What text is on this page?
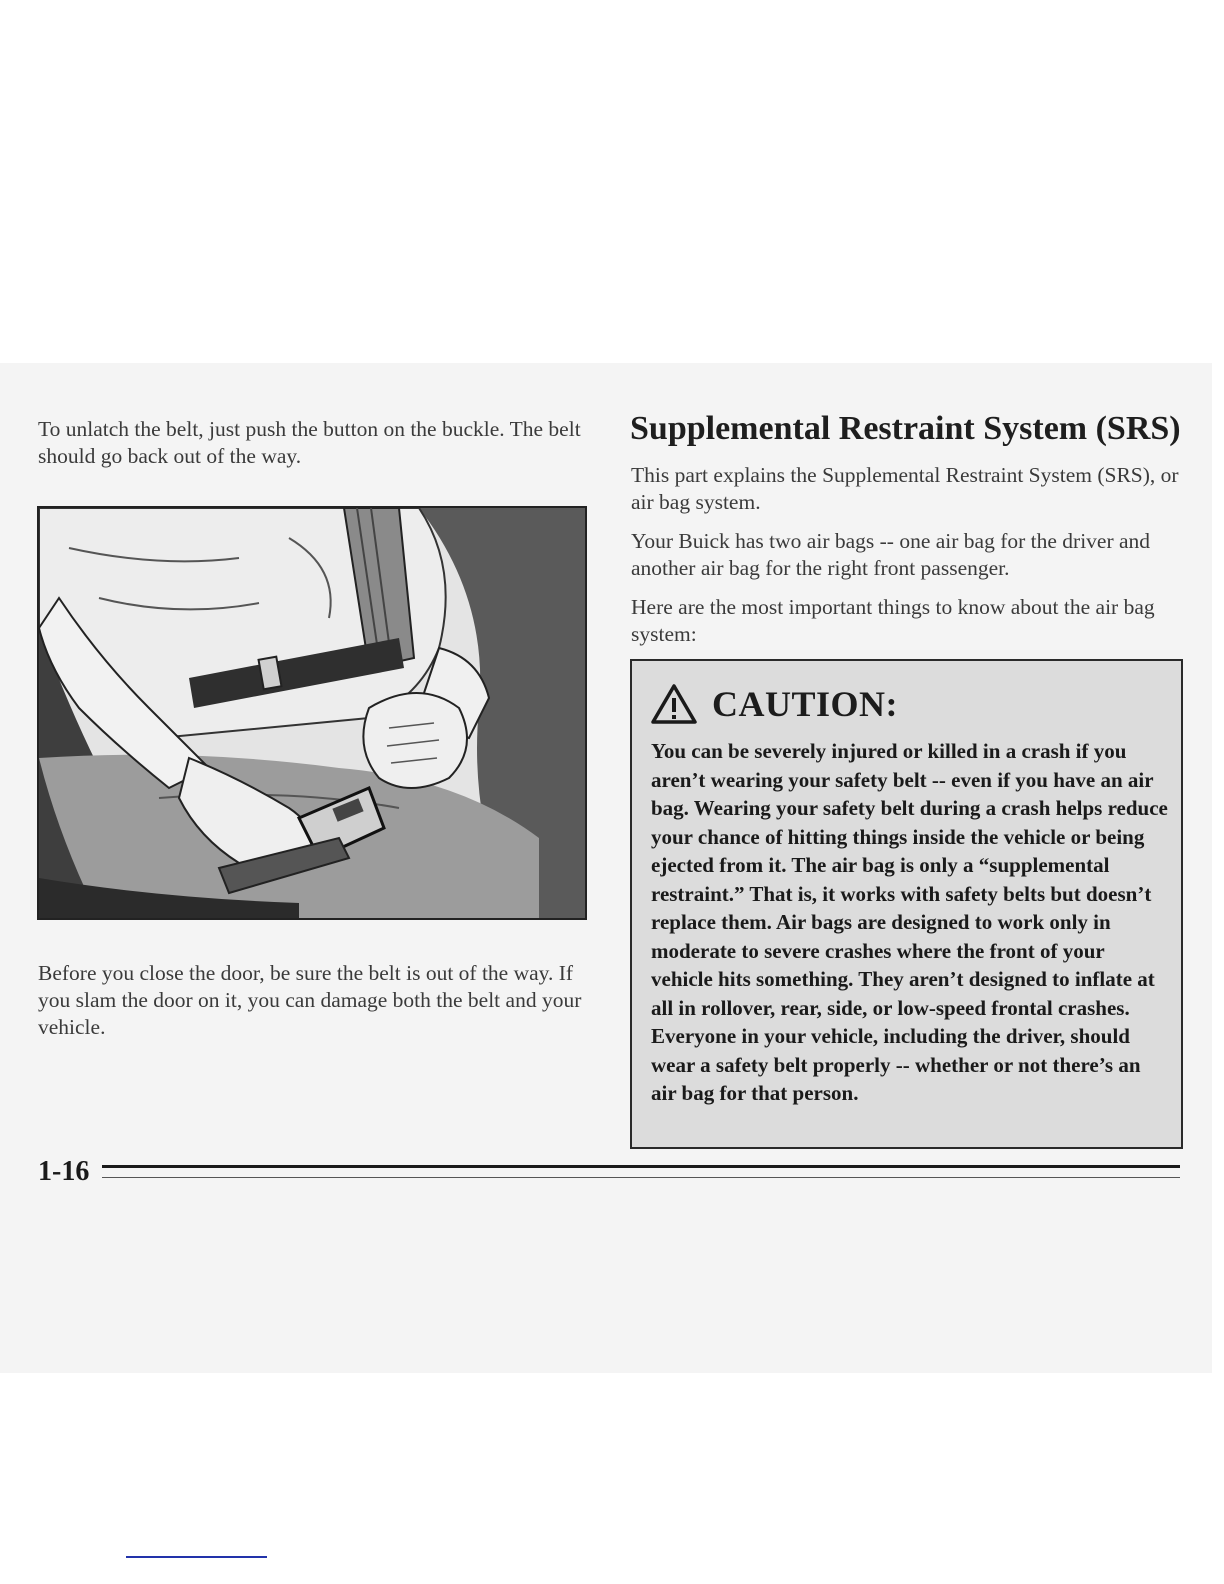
To unlatch the belt, just push the button on the buckle. The belt should go back out of the way.

Before you close the door, be sure the belt is out of the way. If you slam the door on it, you can damage both the belt and your vehicle.

Supplemental Restraint System (SRS)

This part explains the Supplemental Restraint System (SRS), or air bag system.

Your Buick has two air bags -- one air bag for the driver and another air bag for the right front passenger.

Here are the most important things to know about the air bag system:

CAUTION:

You can be severely injured or killed in a crash if you aren’t wearing your safety belt -- even if you have an air bag. Wearing your safety belt during a crash helps reduce your chance of hitting things inside the vehicle or being ejected from it. The air bag is only a “supplemental restraint.” That is, it works with safety belts but doesn’t replace them. Air bags are designed to work only in moderate to severe crashes where the front of your vehicle hits something. They aren’t designed to inflate at all in rollover, rear, side, or low-speed frontal crashes. Everyone in your vehicle, including the driver, should wear a safety belt properly -- whether or not there’s an air bag for that person.

1-16
